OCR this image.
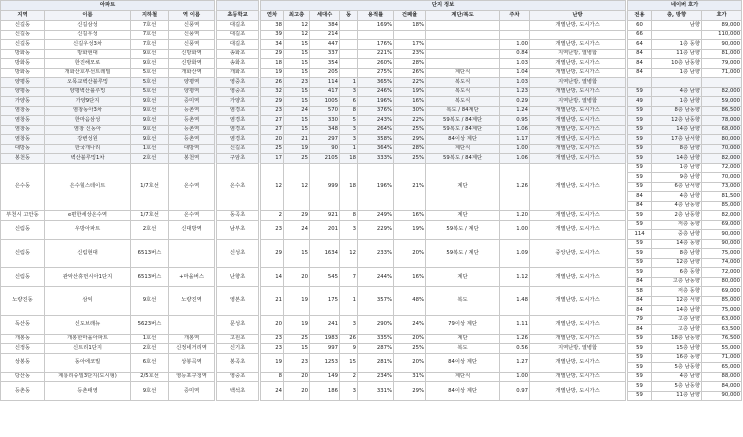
아파트							단지 정보										네이버 호가		
지역	이름	지하철	역 이름		초등학교		연차	최고층	세대수	동	용적률	건폐율	계단/복도	주차	난방		전용	층, 방향	호가
신길동	신길삼성	7호선	신풍역		대길초		38	12	384		169%	18%			개별난방, 도시가스		60	남향	89,000
신길동	신길우성	7호선	신풍역		대길초		39	12	214								66		110,000
신길동	신길우성3차	7호선	신풍역		대길초		34	15	447		176%	17%		1.00	개별난방, 도시가스		64	1층 동향	90,000
방화동	방화현대	9호선	신방화역		송화초		29	15	337		221%	23%		0.84	지역난방, 열병합		84	11층 남향	81,000
방화동	한진해모로	9호선	신방화역		송화초		18	15	354		260%	28%		1.03	개별난방, 도시가스		84	10층 남동향	79,000
방화동	개화산호부선트레빌	5호선	개화산역		개화초		19	15	205		275%	26%	계단식	1.04	개별난방, 도시가스		84	1층 남향	71,000
양평동	오목교벽산블루밍	5호선	양평역		영중초		26	23	114	1	365%	22%	복도식	1.03	지역난방, 열병합				
양평동	양평벽산블루밍	5호선	양평역		영중초		32	15	417	3	246%	19%	복도식	1.23	개별난방, 도시가스		59	4층 남향	82,000
가양동	가양9단지	9호선	증미역		가양초		29	15	1005	6	196%	16%	복도식	0.29	지역난방, 열병합		49	1층 남향	59,000
염창동	염창동아3차	9호선	등촌역		염경초		23	24	570	8	376%	30%	복도 / 84계단	1.24	개별난방, 도시가스		59	8층 남동향	86,500
염창동	한마음삼성	9호선	등촌역		염경초		27	15	330	5	243%	22%	59복도 / 84계단	0.95	개별난방, 도시가스		59	12층 남동향	78,000
염창동	염창 신동아	9호선	등촌역		염경초		27	15	348	3	264%	25%	59복도 / 84계단	1.06	개별난방, 도시가스		59	14층 남향	68,000
염창동	강변성원	9호선	등촌역		염경초		20	21	297	3	358%	29%	84이상 계단	1.17	개별난방, 도시가스		59	17층 남서향	80,000
대방동	한국개나리	1호선	대방역		신길초		25	19	90	1	364%	28%	계단식	1.00	개별난방, 도시가스		59	8층 남향	70,000
봉천동	벽산블루밍1차	2호선	봉천역		구암초		17	25	2105	18	333%	25%	59복도 / 84계단	1.06	개별난방, 도시가스		59	14층 남향	82,000
은수동	은수힐스테이트	1/7호선	온수역		온수초		12	12	999	18	196%	21%	계단	1.26	개별난방, 도시가스		59	1층 남향	72,000
																	59	9층 남향	70,000
																	59	6층 남서향	73,000
																	84	4층 남향	81,500
																	84	4층 남동향	85,000
부천시 고안동	e편한세상온수역	1/7호선	온수역		동곡초		2	29	921	8	249%	16%	계단	1.20	개별난방, 도시가스		59	2층 남동향	82,000
신림동	우방아파트	2호선	신대방역		남부초		23	24	201	3	229%	19%	59복도 / 계단	1.00	개별난방, 도시가스		59	저층 동향	69,000
																	114	중층 남향	90,000
신림동	신림현대	6513버스			신성초		29	15	1634	12	233%	20%	59복도 / 계단	1.09	중앙난방, 도시가스		59	14층 동향	90,000
																	59	8층 남향	75,000
																	59	12층 남향	74,000
신림동	관악산휴먼시아1단지	6513버스	+마을버스		난향초		14	20	545	7	244%	16%	계단	1.12	개별난방, 도시가스		59	6층 동향	72,000
																	84	고층 남동향	80,000
노량진동	삼익	9호선	노량진역		영본초		21	19	175	1	357%	48%	복도	1.48	개별난방, 도시가스		58	저층 동향	69,000
																	84	12층 서향	85,000
																	84	14층 남향	75,000
독산동	신도브래뉴	5623버스			문성초		20	19	241	3	290%	24%	79이상 계단	1.11	개별난방, 도시가스		79	고층 남향	63,000
																	84	고층 남향	63,500
개봉동	개봉한마을아파트	1호선	개봉역		고원초		23	25	1983	26	335%	20%	계단	1.26	개별난방, 도시가스		59	18층 남동향	76,500
신정동	신트리1단지	2호선	신정네거리역		신기초		23	15	997	9	287%	25%	복도	0.56	지역난방, 열병합		59	15층 남향	55,000
상봉동	동아에코빌	6호선	상봉곡역		봉곡초		19	23	1253	15	281%	20%	84이상 계단	1.27	개별난방, 도시가스		59	16층 동향	71,000
																	59	5층 남동향	65,000
당산동	계룡리슈빌3단지(도시형)	2/5호선	영등포구청역		영중초		8	20	149	2	234%	31%	계단식	1.00	개별난방, 도시가스		59	4층 남향	88,000
등촌동	등촌태영	9호선	증미역		백석초		24	20	186	3	331%	29%	84이상 계단	0.97	개별난방, 도시가스		59	5층 남동향	84,000
																	59	11층 남향	90,000
